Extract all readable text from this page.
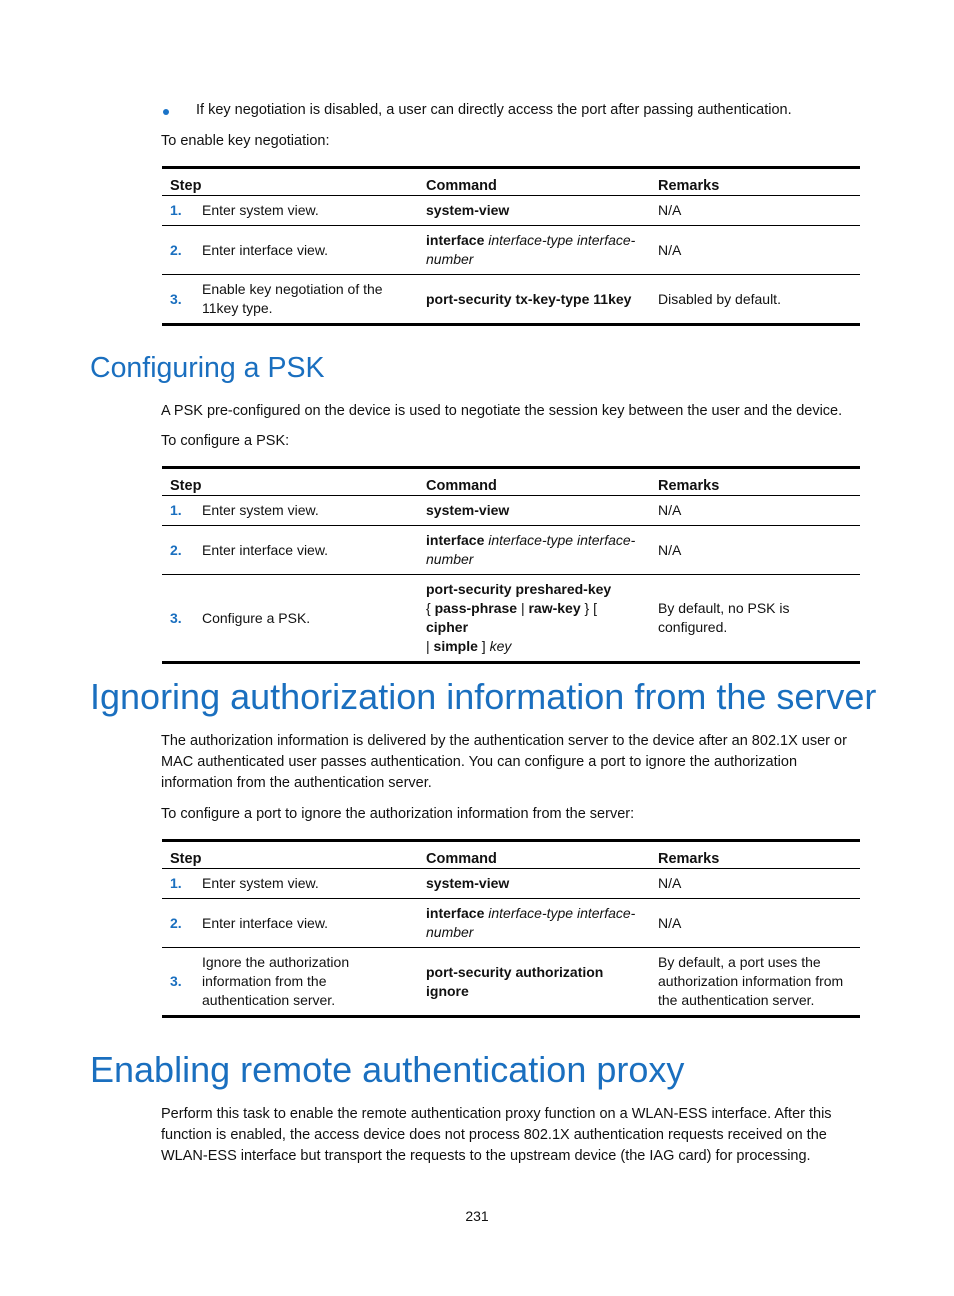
If key negotiation is disabled, a user can directly access the port after passing authentication.

To enable key negotiation:

Step		Command	Remarks
1.	Enter system view.	system-view	N/A
2.	Enter interface view.	interface interface-type interface-number	N/A
3.	Enable key negotiation of the 11key type.	port-security tx-key-type 11key	Disabled by default.
Configuring a PSK

A PSK pre-configured on the device is used to negotiate the session key between the user and the device.

To configure a PSK:

Step		Command	Remarks
1.	Enter system view.	system-view	N/A
2.	Enter interface view.	interface interface-type interface-number	N/A
3.	Configure a PSK.	port-security preshared-key
{ pass-phrase | raw-key } [ cipher
| simple ] key	By default, no PSK is configured.
Ignoring authorization information from the server

The authorization information is delivered by the authentication server to the device after an 802.1X user or MAC authenticated user passes authentication. You can configure a port to ignore the authorization information from the authentication server.

To configure a port to ignore the authorization information from the server:

Step		Command	Remarks
1.	Enter system view.	system-view	N/A
2.	Enter interface view.	interface interface-type interface-number	N/A
3.	Ignore the authorization information from the authentication server.	port-security authorization ignore	By default, a port uses the authorization information from the authentication server.
Enabling remote authentication proxy

Perform this task to enable the remote authentication proxy function on a WLAN-ESS interface. After this function is enabled, the access device does not process 802.1X authentication requests received on the WLAN-ESS interface but transport the requests to the upstream device (the IAG card) for processing.

231
